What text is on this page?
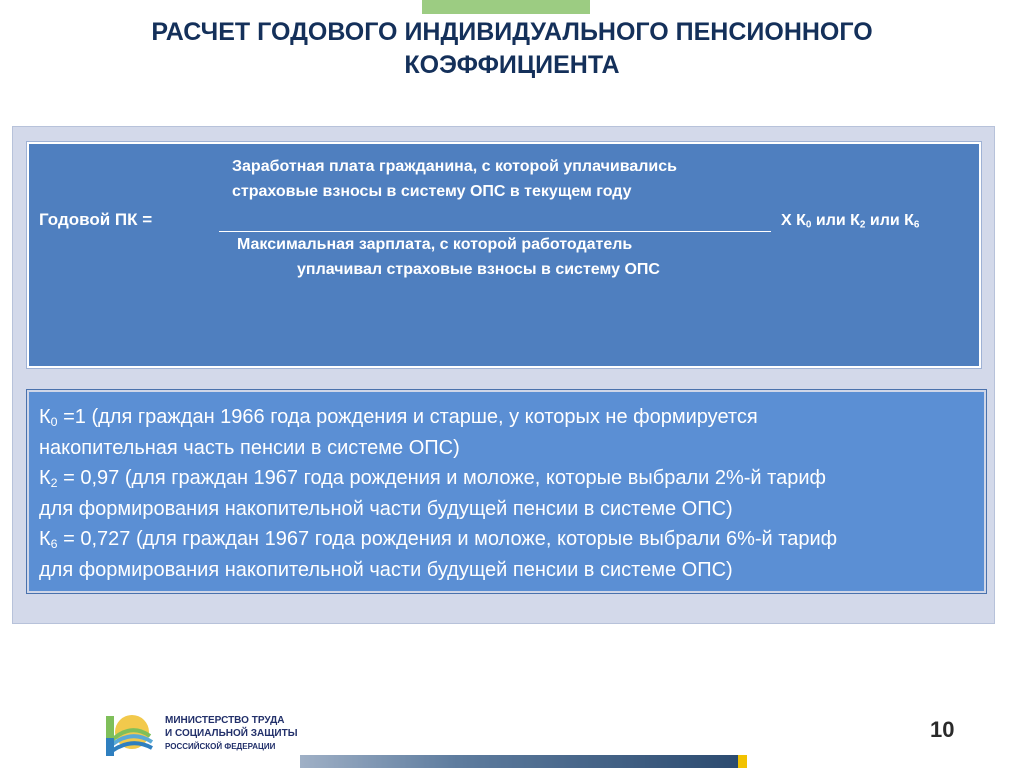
РАСЧЕТ ГОДОВОГО ИНДИВИДУАЛЬНОГО ПЕНСИОННОГО
КОЭФФИЦИЕНТА
Заработная плата гражданина, с которой уплачивались
страховые взносы в систему ОПС в текущем году
Годовой ПК =	Х $К_0$ или $К_2$ или $К_6$
Максимальная зарплата, с которой работодатель
уплачивал страховые взносы в систему ОПС

$К_0 =1$ (для граждан 1966 года рождения и старше, у которых не формируется

накопительная часть пенсии в системе ОПС)

$К_2 = 0,97$ (для граждан 1967 года рождения и моложе, которые выбрали 2%-й тариф

для формирования накопительной части будущей пенсии в системе ОПС)

$К_6 = 0,727$ (для граждан 1967 года рождения и моложе, которые выбрали 6%-й тариф

для формирования накопительной части будущей пенсии в системе ОПС)

МИНИСТЕРСТВО ТРУДА
И СОЦИАЛЬНОЙ ЗАЩИТЫ
РОССИЙСКОЙ ФЕДЕРАЦИИ
10
